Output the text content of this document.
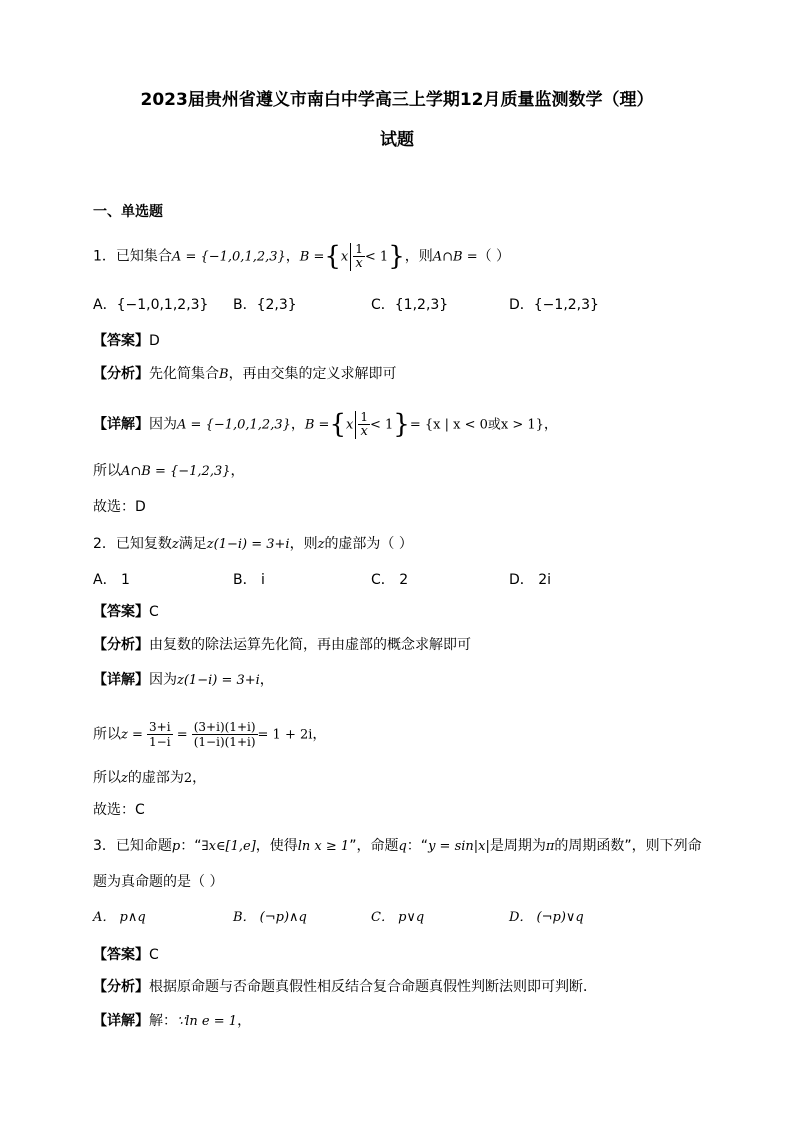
2023届贵州省遵义市南白中学高三上学期12月质量监测数学（理）
试题
一、单选题
1．已知集合A = {−1,0,1,2,3}，$B =\{x \frac{1}{x} < 1\}$，则A∩B =（ ）
A．{−1,0,1,2,3} B．{2,3}	C．{1,2,3}	D．{−1,2,3}
【答案】D
【分析】先化简集合B，再由交集的定义求解即可
【详解】因为A = {−1,0,1,2,3}，$B =\{x \frac{1}{x} < 1\}= \{x$ | x < 0或x > 1}，
所以A∩B = {−1,2,3}，
故选：D
2．已知复数z满足z(1−i) = 3+i，则z的虚部为（ ）
A． 1	B． i	C． 2	D． 2i
【答案】C
【分析】由复数的除法运算先化简，再由虚部的概念求解即可
【详解】因为z(1−i) = 3+i，
所以$z = \frac{3+i}{1-i} = \frac{(3+i)(1+i)}{(1-i)(1+i)} = 1 + 2i$，
所以z的虚部为2，
故选：C
3．已知命题p：“∃x∈[1,e]，使得ln x ≥ 1”，命题q：“y = sin|x|是周期为π的周期函数”，则下列命
题为真命题的是（ ）
A． p∧q	B． (¬p)∧q	C． p∨q	D． (¬p)∨q
【答案】C
【分析】根据原命题与否命题真假性相反结合复合命题真假性判断法则即可判断．
【详解】解：∵ln e = 1，
